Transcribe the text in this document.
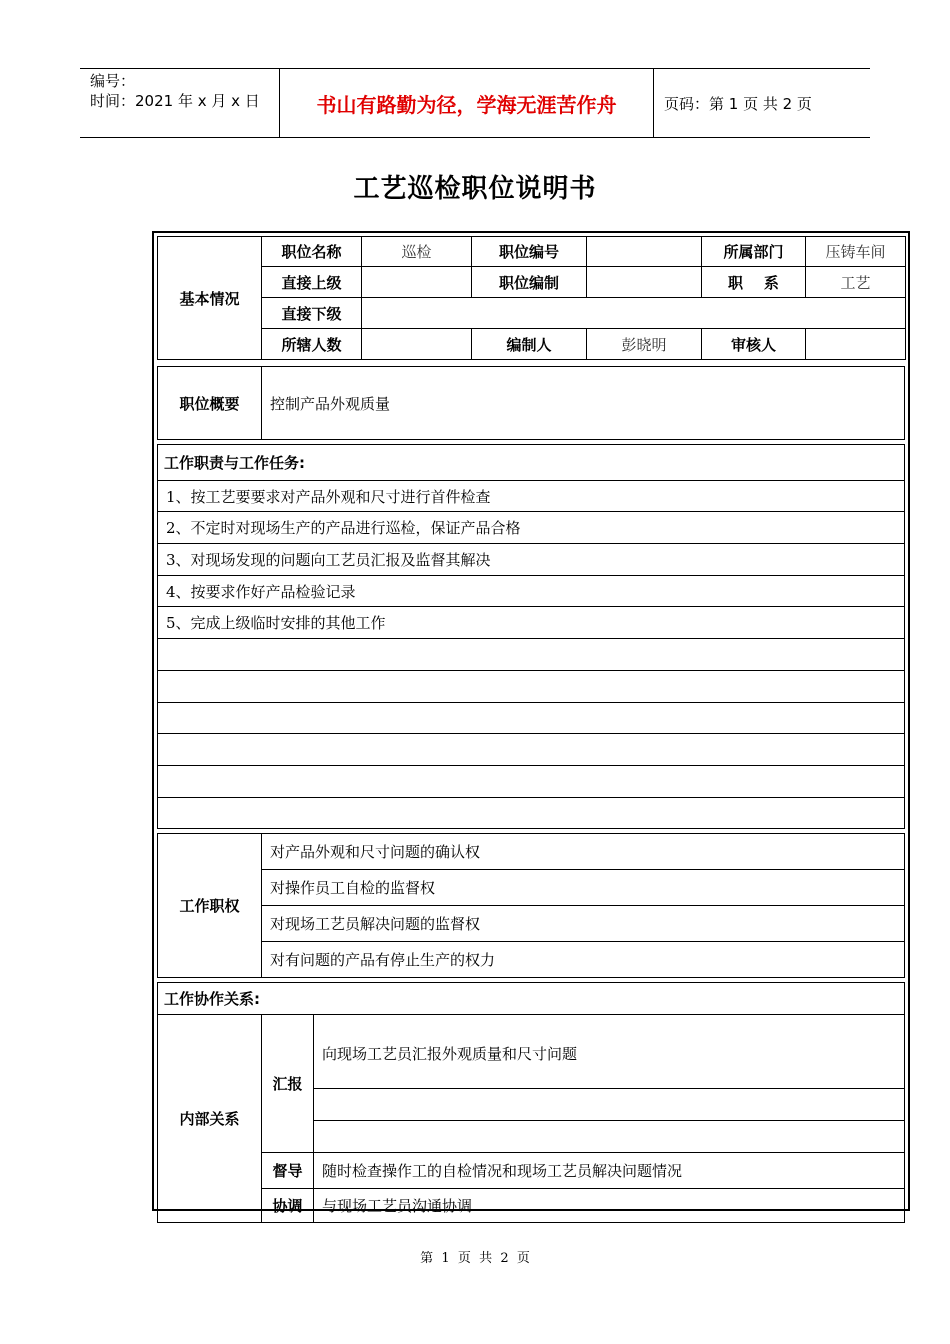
编号：
时间：2021 年 x 月 x 日	书山有路勤为径，学海无涯苦作舟	页码：第 1 页 共 2 页
工艺巡检职位说明书
基本情况	职位名称	巡检	职位编号		所属部门	压铸车间
	直接上级		职位编制		职    系	工艺
	直接下级					
	所辖人数		编制人	彭晓明	审核人	
职位概要	控制产品外观质量
工作职责与工作任务:
1、按工艺要要求对产品外观和尺寸进行首件检查
2、不定时对现场生产的产品进行巡检，保证产品合格
3、对现场发现的问题向工艺员汇报及监督其解决
4、按要求作好产品检验记录
5、完成上级临时安排的其他工作

工作职权	对产品外观和尺寸问题的确认权
对操作员工自检的监督权
对现场工艺员解决问题的监督权
对有问题的产品有停止生产的权力
工作协作关系:		
内部关系	汇报	向现场工艺员汇报外观质量和尺寸问题

	督导	随时检查操作工的自检情况和现场工艺员解决问题情况
	协调	与现场工艺员沟通协调
第  1  页  共  2  页
